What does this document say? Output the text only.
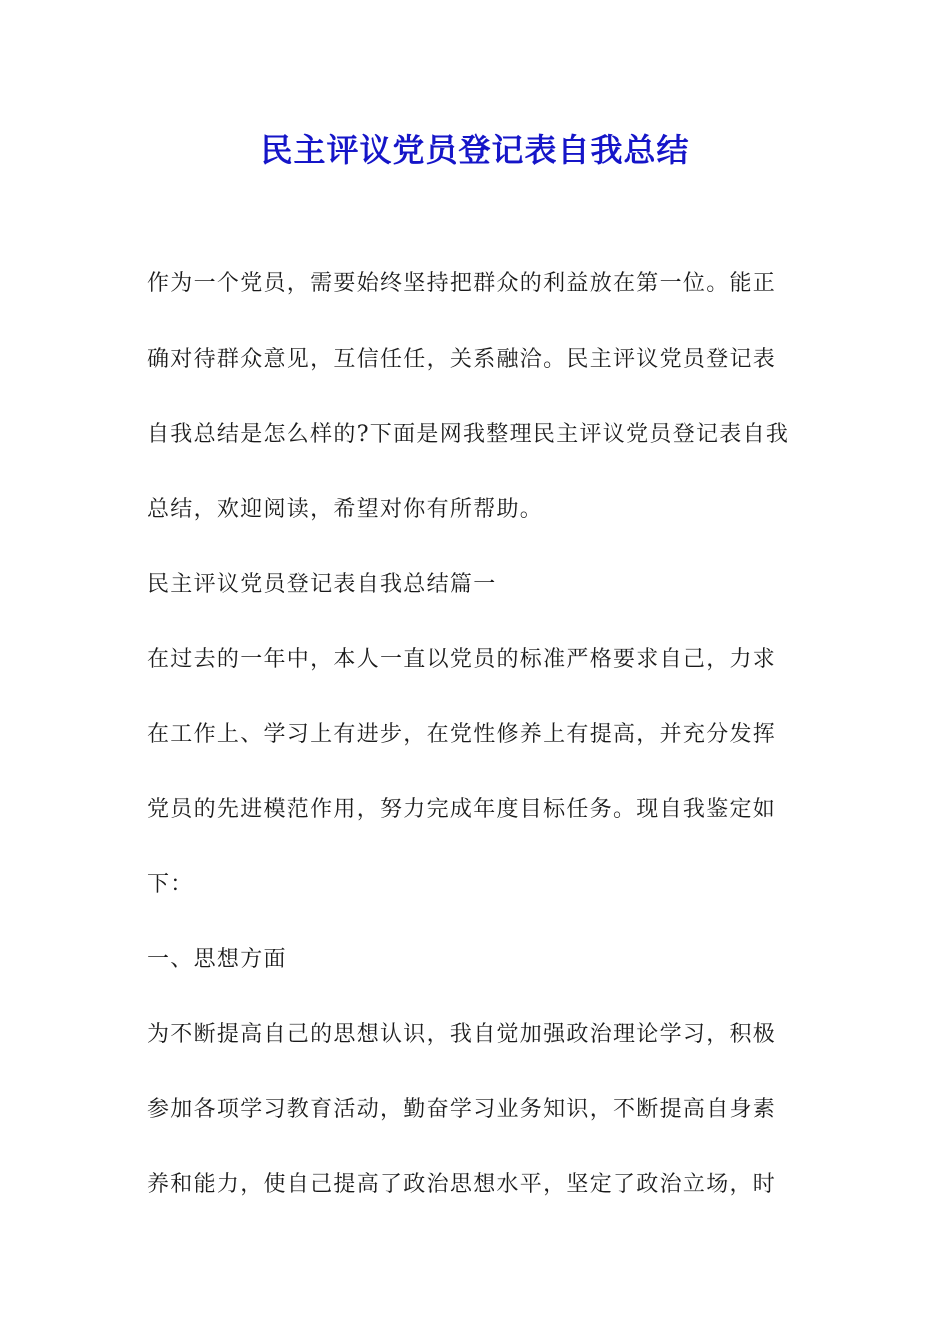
民主评议党员登记表自我总结
作为一个党员，需要始终坚持把群众的利益放在第一位。能正
确对待群众意见，互信任任，关系融洽。民主评议党员登记表
自我总结是怎么样的?下面是网我整理民主评议党员登记表自我
总结，欢迎阅读，希望对你有所帮助。
民主评议党员登记表自我总结篇一
在过去的一年中，本人一直以党员的标准严格要求自己，力求
在工作上、学习上有进步，在党性修养上有提高，并充分发挥
党员的先进模范作用，努力完成年度目标任务。现自我鉴定如
下：
一、思想方面
为不断提高自己的思想认识，我自觉加强政治理论学习，积极
参加各项学习教育活动，勤奋学习业务知识，不断提高自身素
养和能力，使自己提高了政治思想水平，坚定了政治立场，时
